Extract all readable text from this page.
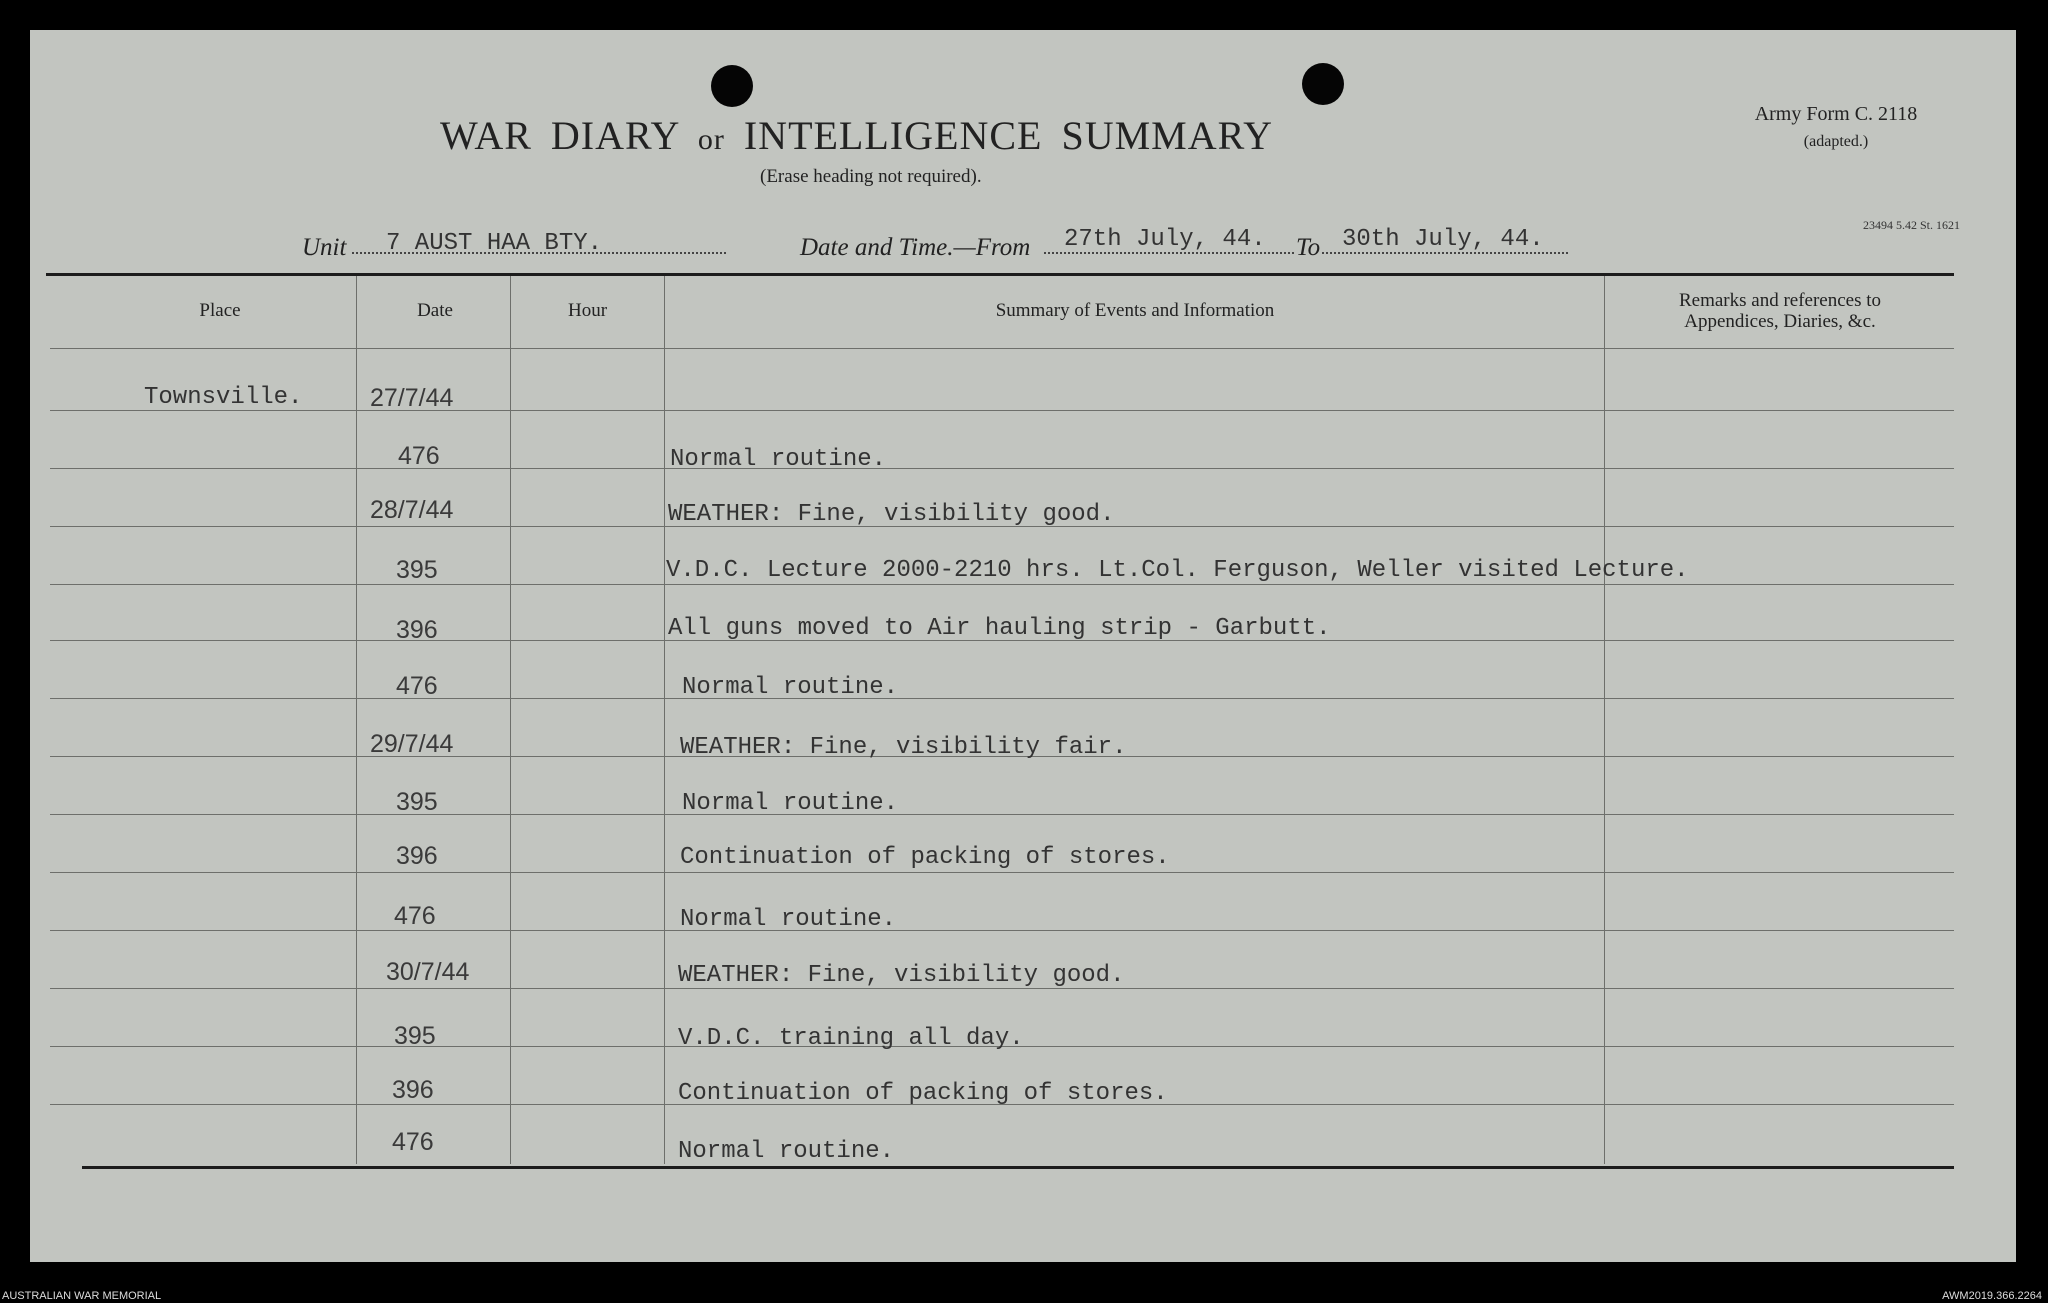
WAR DIARY or INTELLIGENCE SUMMARY
(Erase heading not required).
Army Form C. 2118
(adapted.)
23494 5.42 St. 1621
Unit 7 AUST HAA BTY.	Date and Time.—From 27th July, 44. To 30th July, 44.
Place	Date	Hour	Summary of Events and Information	Remarks and references to
Appendices, Diaries, &c.
Townsville.	27/7/44
476	Normal routine.
28/7/44	WEATHER: Fine, visibility good.
395	V.D.C. Lecture 2000-2210 hrs. Lt.Col. Ferguson, Weller visited Lecture.
396	All guns moved to Air hauling strip - Garbutt.
476	Normal routine.
29/7/44	WEATHER: Fine, visibility fair.
395	Normal routine.
396	Continuation of packing of stores.
476	Normal routine.
30/7/44	WEATHER: Fine, visibility good.
395	V.D.C. training all day.
396	Continuation of packing of stores.
476	Normal routine.
AUSTRALIAN WAR MEMORIAL	AWM2019.366.2264
